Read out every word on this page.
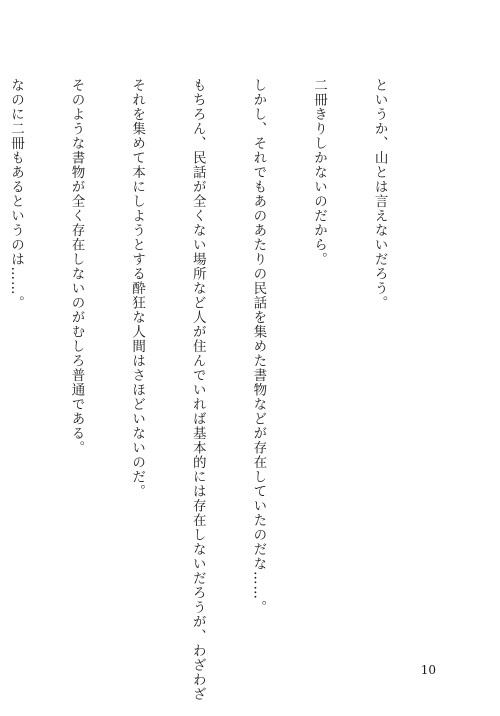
というか、山とは言えないだろう。

二冊きりしかないのだから。

しかし、それでもあのあたりの民話を集めた書物などが存在していたのだな……。

もちろん、民話が全くない場所など人が住んでいれば基本的には存在しないだろうが、わざわざ

それを集めて本にしようとする酔狂な人間はさほどいないのだ。

そのような書物が全く存在しないのがむしろ普通である。

なのに二冊もあるというのは……。

10
